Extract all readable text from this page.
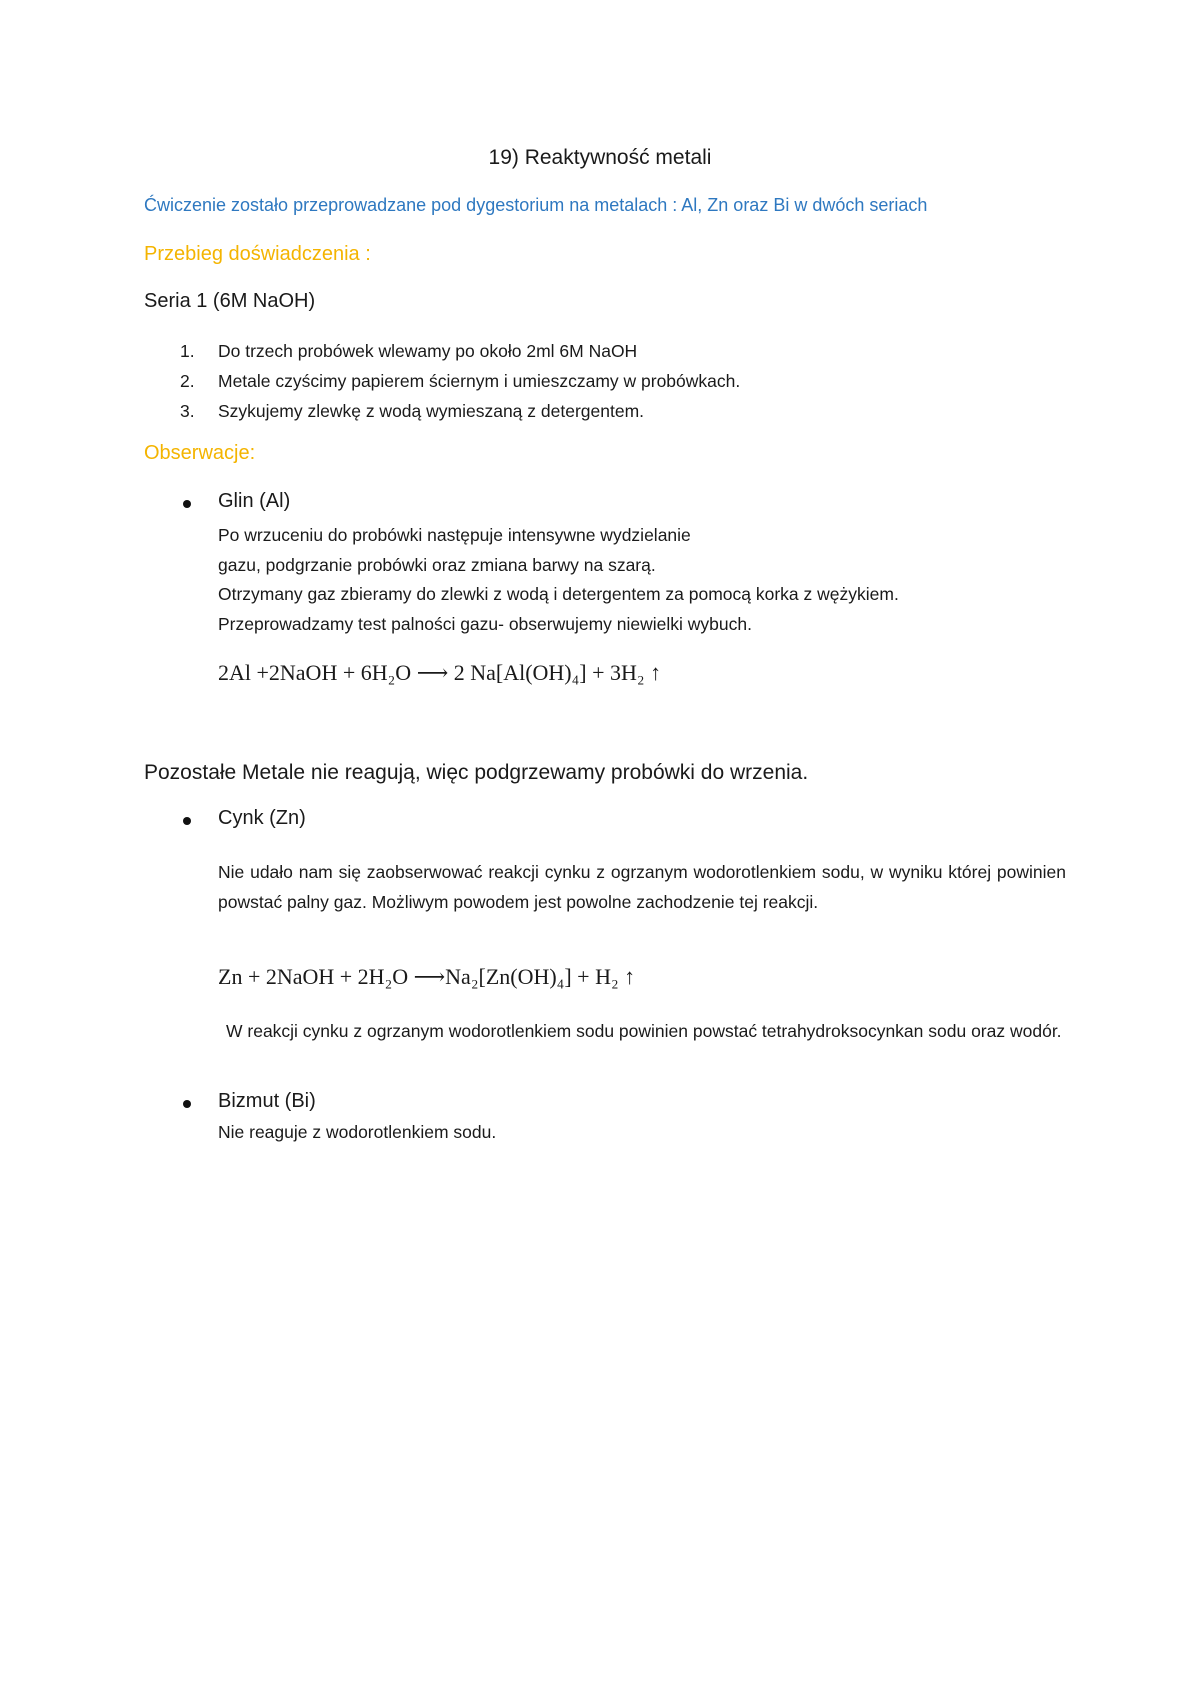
19) Reaktywność metali
Ćwiczenie zostało przeprowadzane pod dygestorium na metalach : Al, Zn oraz Bi w dwóch seriach
Przebieg doświadczenia :
Seria 1 (6M NaOH)
1.	Do trzech probówek wlewamy po około 2ml 6M NaOH
2.	Metale czyścimy papierem ściernym i umieszczamy w probówkach.
3.	Szykujemy zlewkę z wodą wymieszaną z detergentem.
Obserwacje:
Glin (Al)
Po wrzuceniu do probówki następuje intensywne wydzielanie
gazu, podgrzanie probówki oraz zmiana barwy na szarą.
Otrzymany gaz zbieramy do zlewki z wodą i detergentem za pomocą korka z wężykiem.
Przeprowadzamy test palności gazu- obserwujemy niewielki wybuch.
2Al +2NaOH + 6H₂O ⟶ 2 Na[Al(OH)₄] + 3H₂ ↑
Pozostałe Metale nie reagują, więc podgrzewamy probówki do wrzenia.
Cynk (Zn)
Nie udało nam się zaobserwować reakcji cynku z ogrzanym wodorotlenkiem sodu, w wyniku której powinien powstać palny gaz. Możliwym powodem jest powolne zachodzenie tej reakcji.
Zn + 2NaOH + 2H₂O ⟶Na₂[Zn(OH)₄] + H₂ ↑
W reakcji cynku z ogrzanym wodorotlenkiem sodu powinien powstać tetrahydroksocynkan sodu oraz wodór.
Bizmut (Bi)
Nie reaguje z wodorotlenkiem sodu.
